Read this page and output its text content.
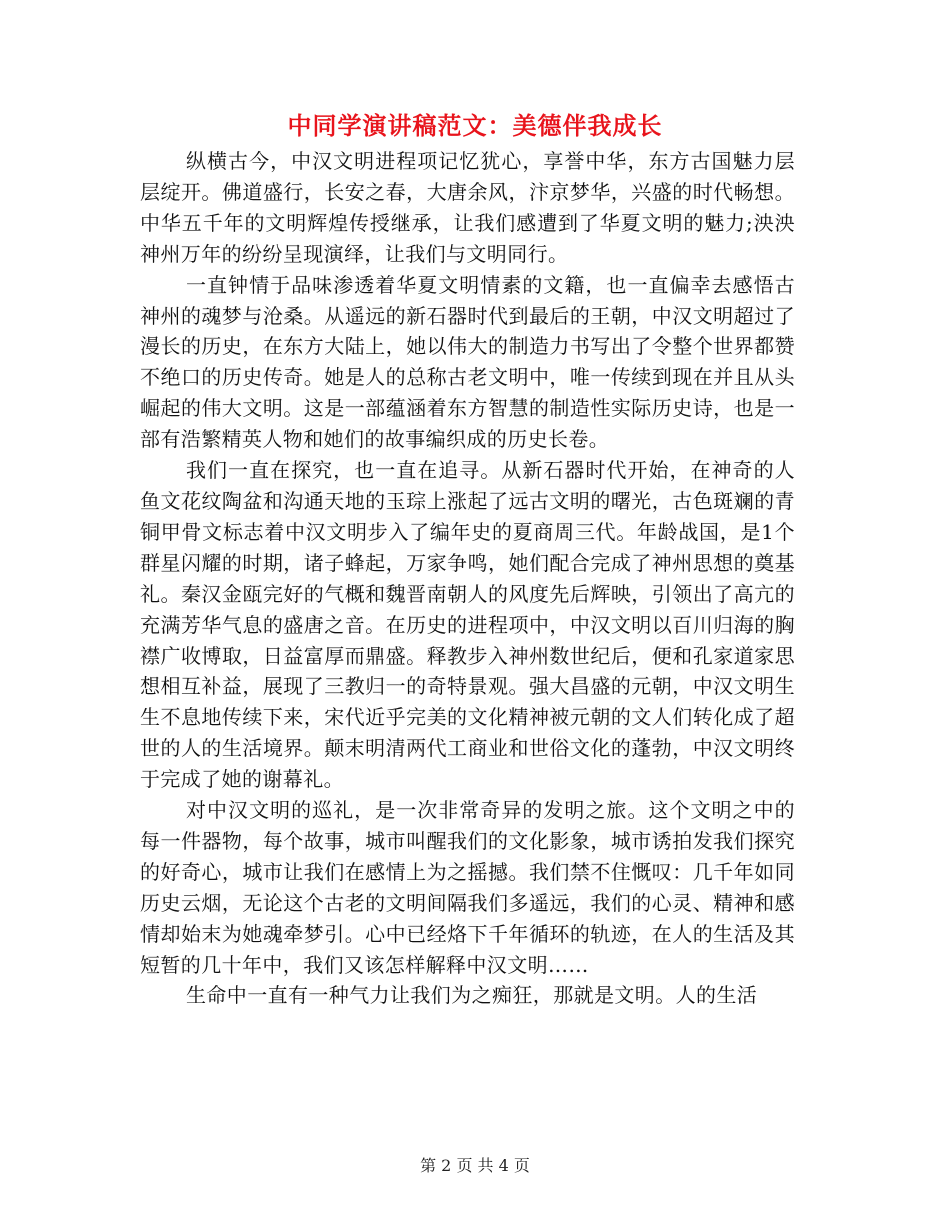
中同学演讲稿范文：美德伴我成长

纵横古今，中汉文明进程项记忆犹心，享誉中华，东方古国魅力层层绽开。佛道盛行，长安之春，大唐余风，汴京梦华，兴盛的时代畅想。中华五千年的文明辉煌传授继承，让我们感遭到了华夏文明的魅力;泱泱神州万年的纷纷呈现演绎，让我们与文明同行。

一直钟情于品味渗透着华夏文明情素的文籍，也一直偏幸去感悟古神州的魂梦与沧桑。从遥远的新石器时代到最后的王朝，中汉文明超过了漫长的历史，在东方大陆上，她以伟大的制造力书写出了令整个世界都赞不绝口的历史传奇。她是人的总称古老文明中，唯一传续到现在并且从头崛起的伟大文明。这是一部蕴涵着东方智慧的制造性实际历史诗，也是一部有浩繁精英人物和她们的故事编织成的历史长卷。

我们一直在探究，也一直在追寻。从新石器时代开始，在神奇的人鱼文花纹陶盆和沟通天地的玉琮上涨起了远古文明的曙光，古色斑斓的青铜甲骨文标志着中汉文明步入了编年史的夏商周三代。年龄战国，是1个群星闪耀的时期，诸子蜂起，万家争鸣，她们配合完成了神州思想的奠基礼。秦汉金瓯完好的气概和魏晋南朝人的风度先后辉映，引领出了高亢的充满芳华气息的盛唐之音。在历史的进程项中，中汉文明以百川归海的胸襟广收博取，日益富厚而鼎盛。释教步入神州数世纪后，便和孔家道家思想相互补益，展现了三教归一的奇特景观。强大昌盛的元朝，中汉文明生生不息地传续下来，宋代近乎完美的文化精神被元朝的文人们转化成了超世的人的生活境界。颠末明清两代工商业和世俗文化的蓬勃，中汉文明终于完成了她的谢幕礼。

对中汉文明的巡礼，是一次非常奇异的发明之旅。这个文明之中的每一件器物，每个故事，城市叫醒我们的文化影象，城市诱拍发我们探究的好奇心，城市让我们在感情上为之摇撼。我们禁不住慨叹：几千年如同历史云烟，无论这个古老的文明间隔我们多遥远，我们的心灵、精神和感情却始末为她魂牵梦引。心中已经烙下千年循环的轨迹，在人的生活及其短暂的几十年中，我们又该怎样解释中汉文明……

生命中一直有一种气力让我们为之痴狂，那就是文明。人的生活

第 2 页 共 4 页
